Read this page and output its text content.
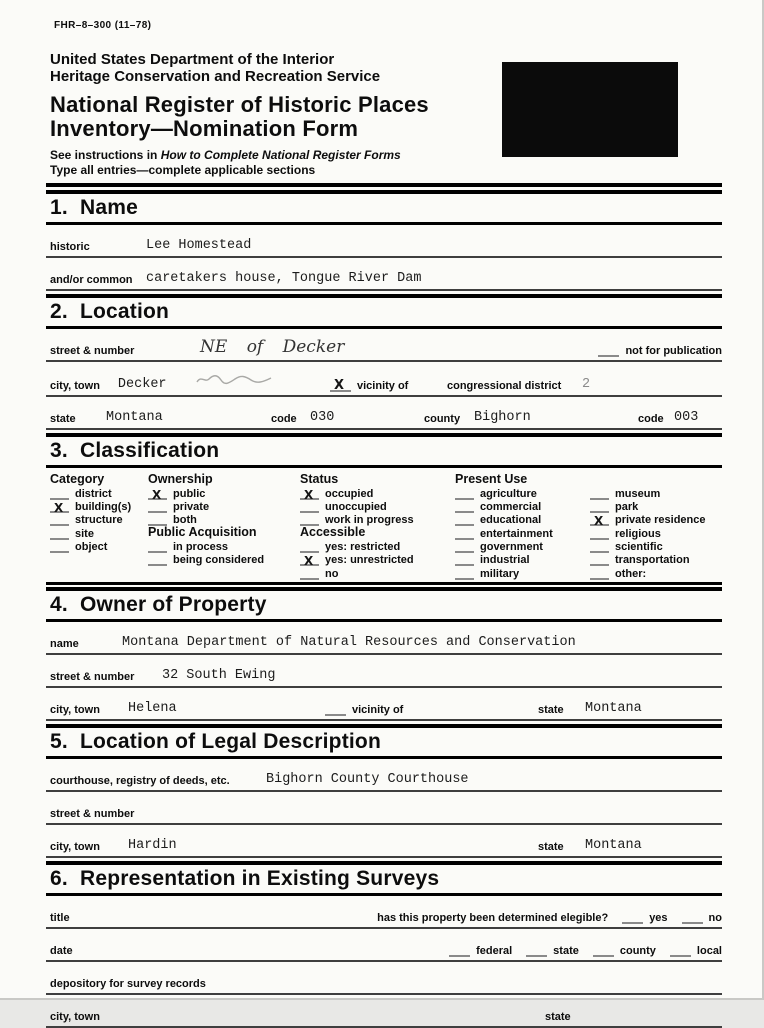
FHR–8–300 (11–78)
United States Department of the Interior
Heritage Conservation and Recreation Service
National Register of Historic Places
Inventory—Nomination Form
See instructions in How to Complete National Register Forms
Type all entries—complete applicable sections
1.  Name
historic	Lee Homestead
and/or common caretakers house, Tongue River Dam
2.  Location
street & number	NE of Decker	not for publication
city, town Decker	X vicinity of	congressional district 2
state Montana	code 030	county Bighorn	code 003
3.  Classification
Category
district
X building(s)
structure
site
object
Ownership
X public
private
both
Public Acquisition
in process
being considered
Status
X occupied
unoccupied
work in progress
Accessible
yes: restricted
X yes: unrestricted
no
Present Use
agriculture
commercial
educational
entertainment
government
industrial
military
museum
park
X private residence
religious
scientific
transportation
other:
4.  Owner of Property
name	Montana Department of Natural Resources and Conservation
street & number	32 South Ewing
city, town Helena	vicinity of	state Montana
5.  Location of Legal Description
courthouse, registry of deeds, etc.	Bighorn County Courthouse
street & number
city, town Hardin	state Montana
6.  Representation in Existing Surveys
title	has this property been determined elegible?	yes	no
date	federal	state	county	local
depository for survey records
city, town	state
